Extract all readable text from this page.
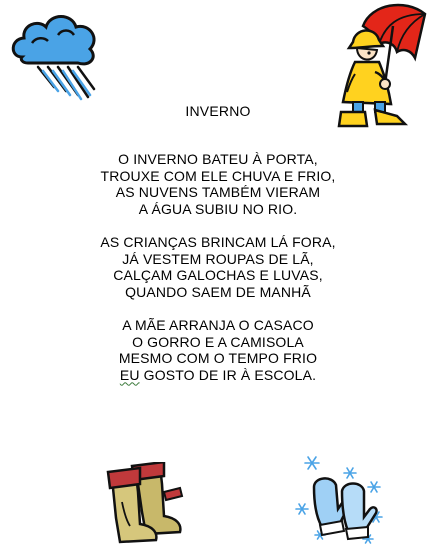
INVERNO
O INVERNO BATEU À PORTA,
TROUXE COM ELE CHUVA E FRIO,
AS NUVENS TAMBÉM VIERAM
A ÁGUA SUBIU NO RIO.
AS CRIANÇAS BRINCAM LÁ FORA,
JÁ VESTEM ROUPAS DE LÃ,
CALÇAM GALOCHAS E LUVAS,
QUANDO SAEM DE MANHÃ
A MÃE ARRANJA O CASACO
O GORRO E A CAMISOLA
MESMO COM O TEMPO FRIO
EU GOSTO DE IR À ESCOLA.
